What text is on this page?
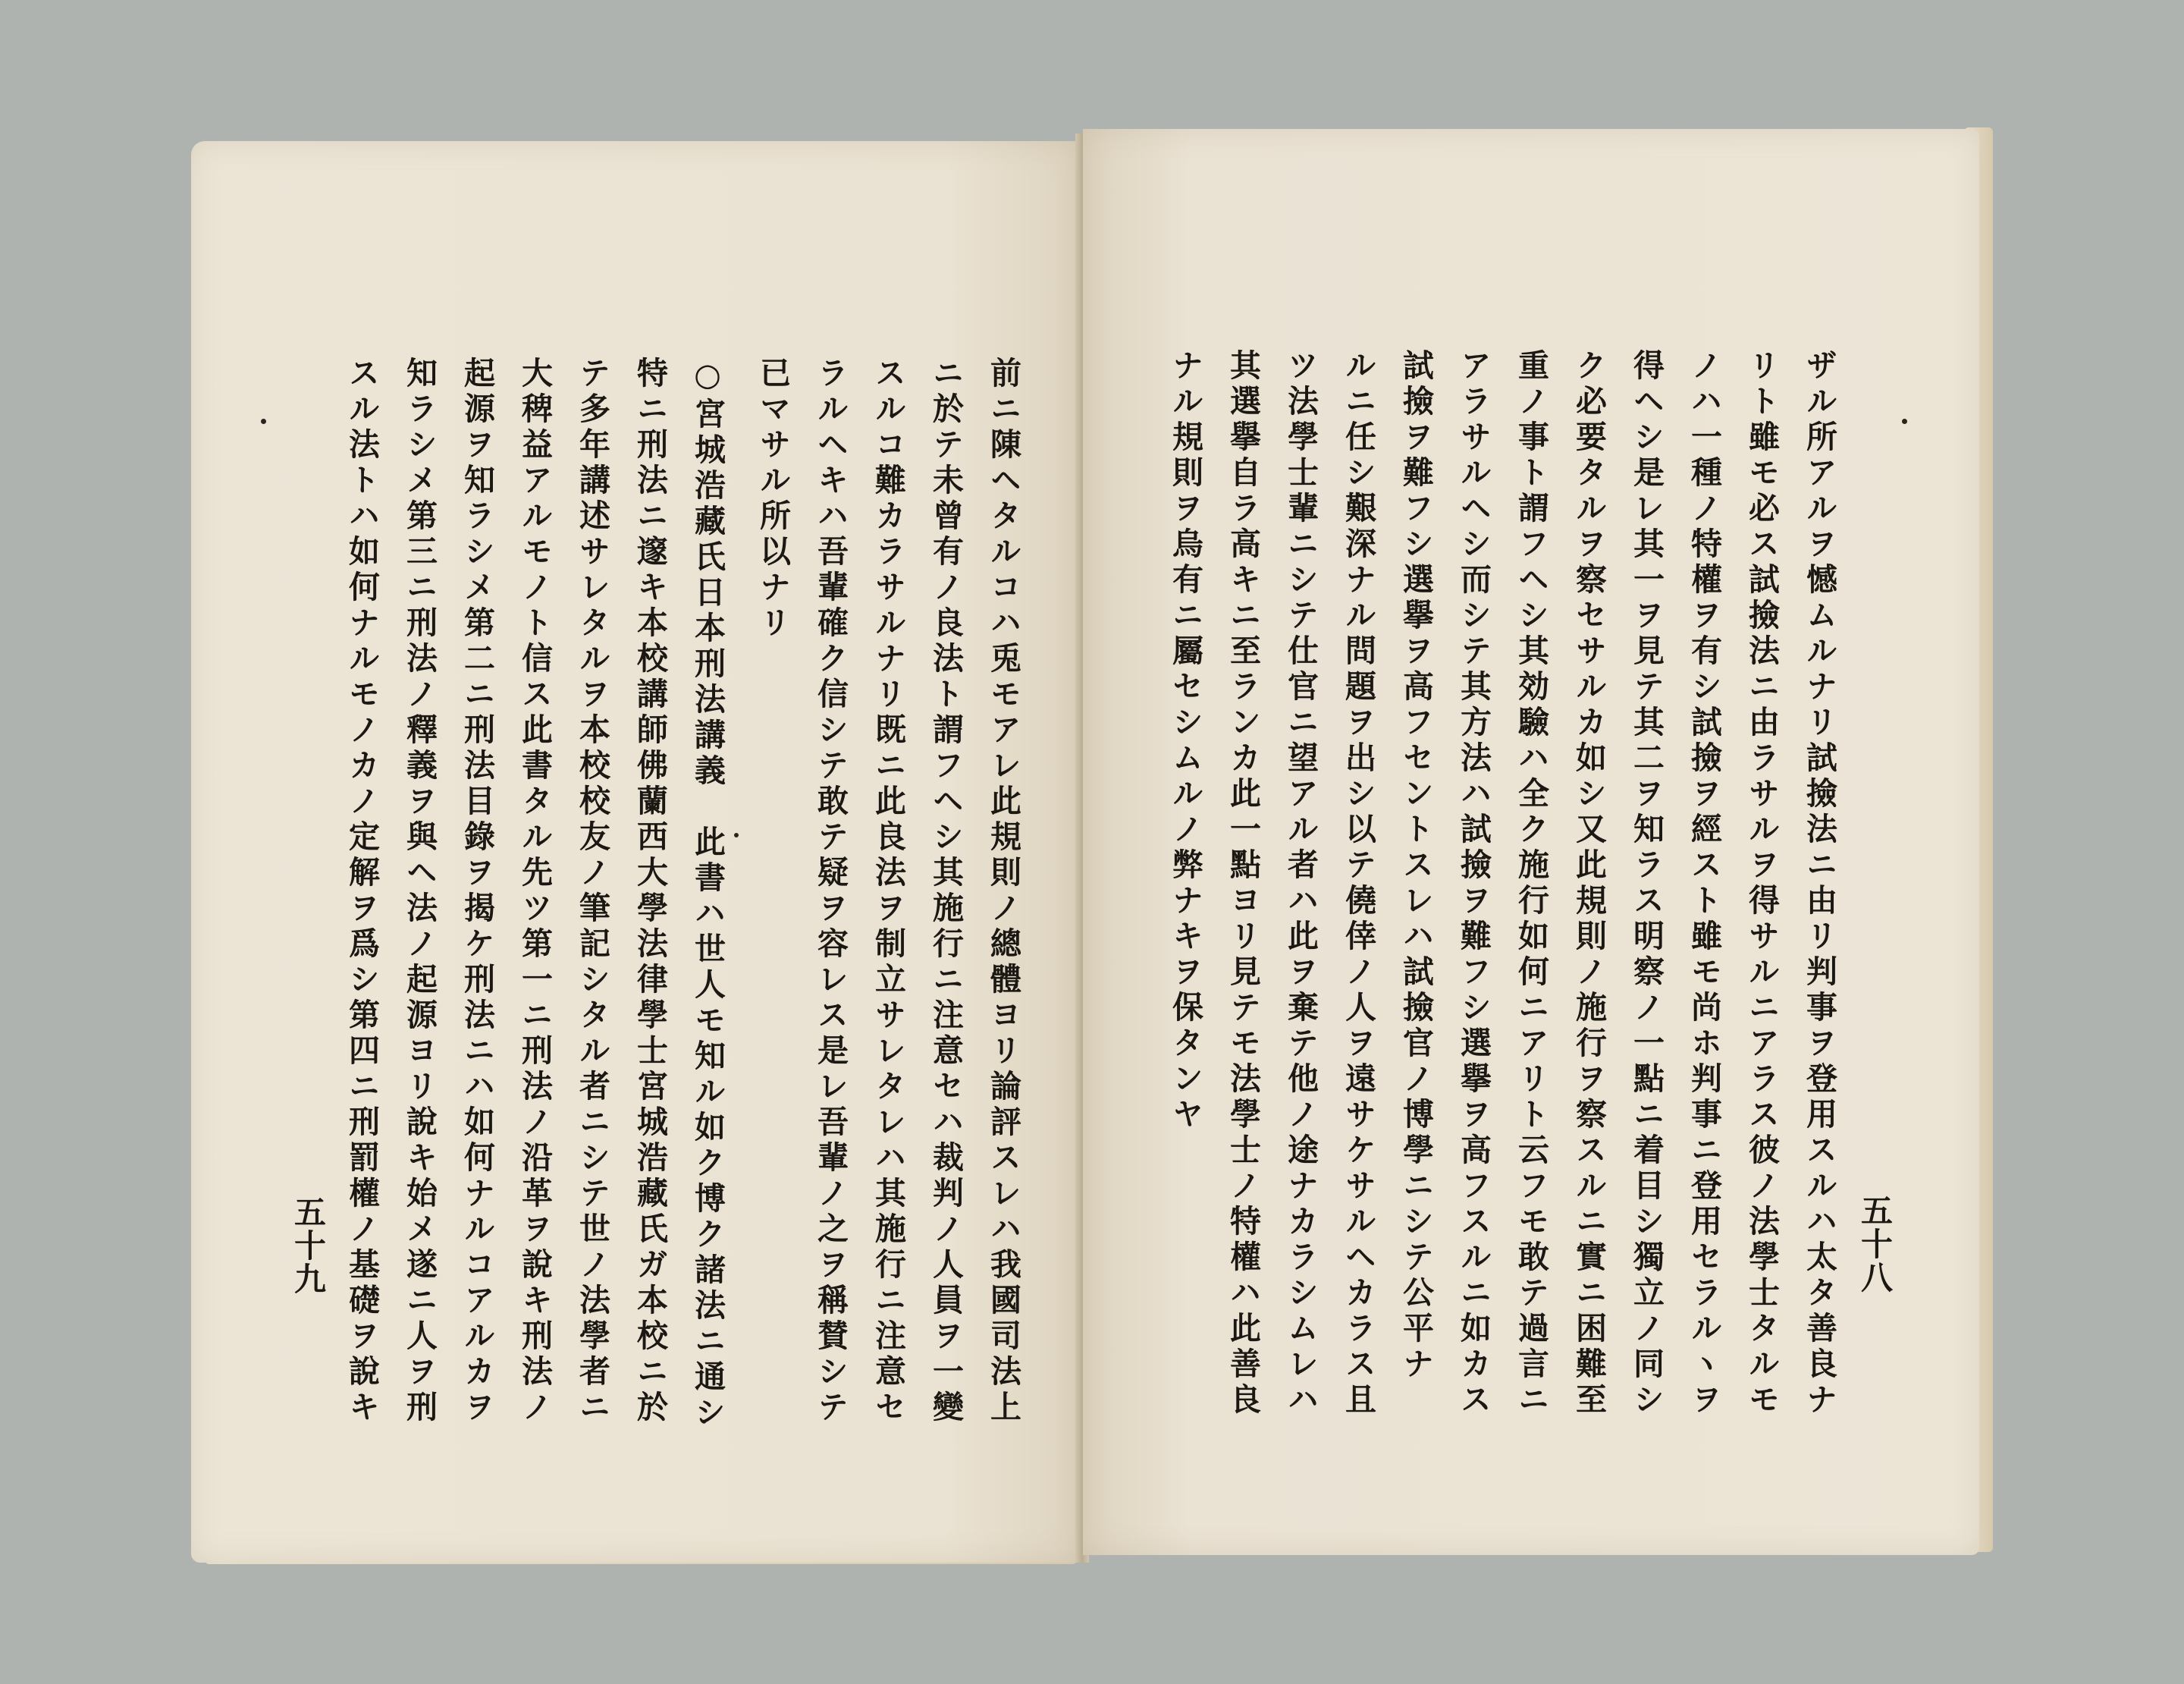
前ニ陳ヘタルコハ兎モアレ此規則ノ總體ヨリ論評スレハ我國司法上
ニ於テ未曾有ノ良法ト謂フヘシ其施行ニ注意セハ裁判ノ人員ヲ一變
スルコ難カラサルナリ既ニ此良法ヲ制立サレタレハ其施行ニ注意セ
ラルヘキハ吾輩確ク信シテ敢テ疑ヲ容レス是レ吾輩ノ之ヲ稱賛シテ
已マサル所以ナリ
○宮城浩藏氏日本刑法講義　此書ハ世人モ知ル如ク博ク諸法ニ通シ
特ニ刑法ニ邃キ本校講師佛蘭西大學法律學士宮城浩藏氏ガ本校ニ於
テ多年講述サレタルヲ本校校友ノ筆記シタル者ニシテ世ノ法學者ニ
大稗益アルモノト信ス此書タル先ツ第一ニ刑法ノ沿革ヲ說キ刑法ノ
起源ヲ知ラシメ第二ニ刑法目錄ヲ揭ケ刑法ニハ如何ナルコアルカヲ
知ラシメ第三ニ刑法ノ釋義ヲ與ヘ法ノ起源ヨリ說キ始メ遂ニ人ヲ刑
スル法トハ如何ナルモノカノ定解ヲ爲シ第四ニ刑罰權ノ基礎ヲ說キ
五十九	ザル所アルヲ憾ムルナリ試撿法ニ由リ判事ヲ登用スルハ太タ善良ナ
リト雖モ必ス試撿法ニ由ラサルヲ得サルニアラス彼ノ法學士タルモ
ノハ一種ノ特權ヲ有シ試撿ヲ經スト雖モ尚ホ判事ニ登用セラルヽヲ
得ヘシ是レ其一ヲ見テ其二ヲ知ラス明察ノ一點ニ着目シ獨立ノ同シ
ク必要タルヲ察セサルカ如シ又此規則ノ施行ヲ察スルニ實ニ困難至
重ノ事ト謂フヘシ其効驗ハ全ク施行如何ニアリト云フモ敢テ過言ニ
アラサルヘシ而シテ其方法ハ試撿ヲ難フシ選擧ヲ高フスルニ如カス
試撿ヲ難フシ選擧ヲ高フセントスレハ試撿官ノ博學ニシテ公平ナ
ルニ任シ艱深ナル問題ヲ出シ以テ僥倖ノ人ヲ遠サケサルヘカラス且
ツ法學士輩ニシテ仕官ニ望アル者ハ此ヲ棄テ他ノ途ナカラシムレハ
其選擧自ラ高キニ至ランカ此一點ヨリ見テモ法學士ノ特權ハ此善良
ナル規則ヲ烏有ニ屬セシムルノ弊ナキヲ保タンヤ
五十八
